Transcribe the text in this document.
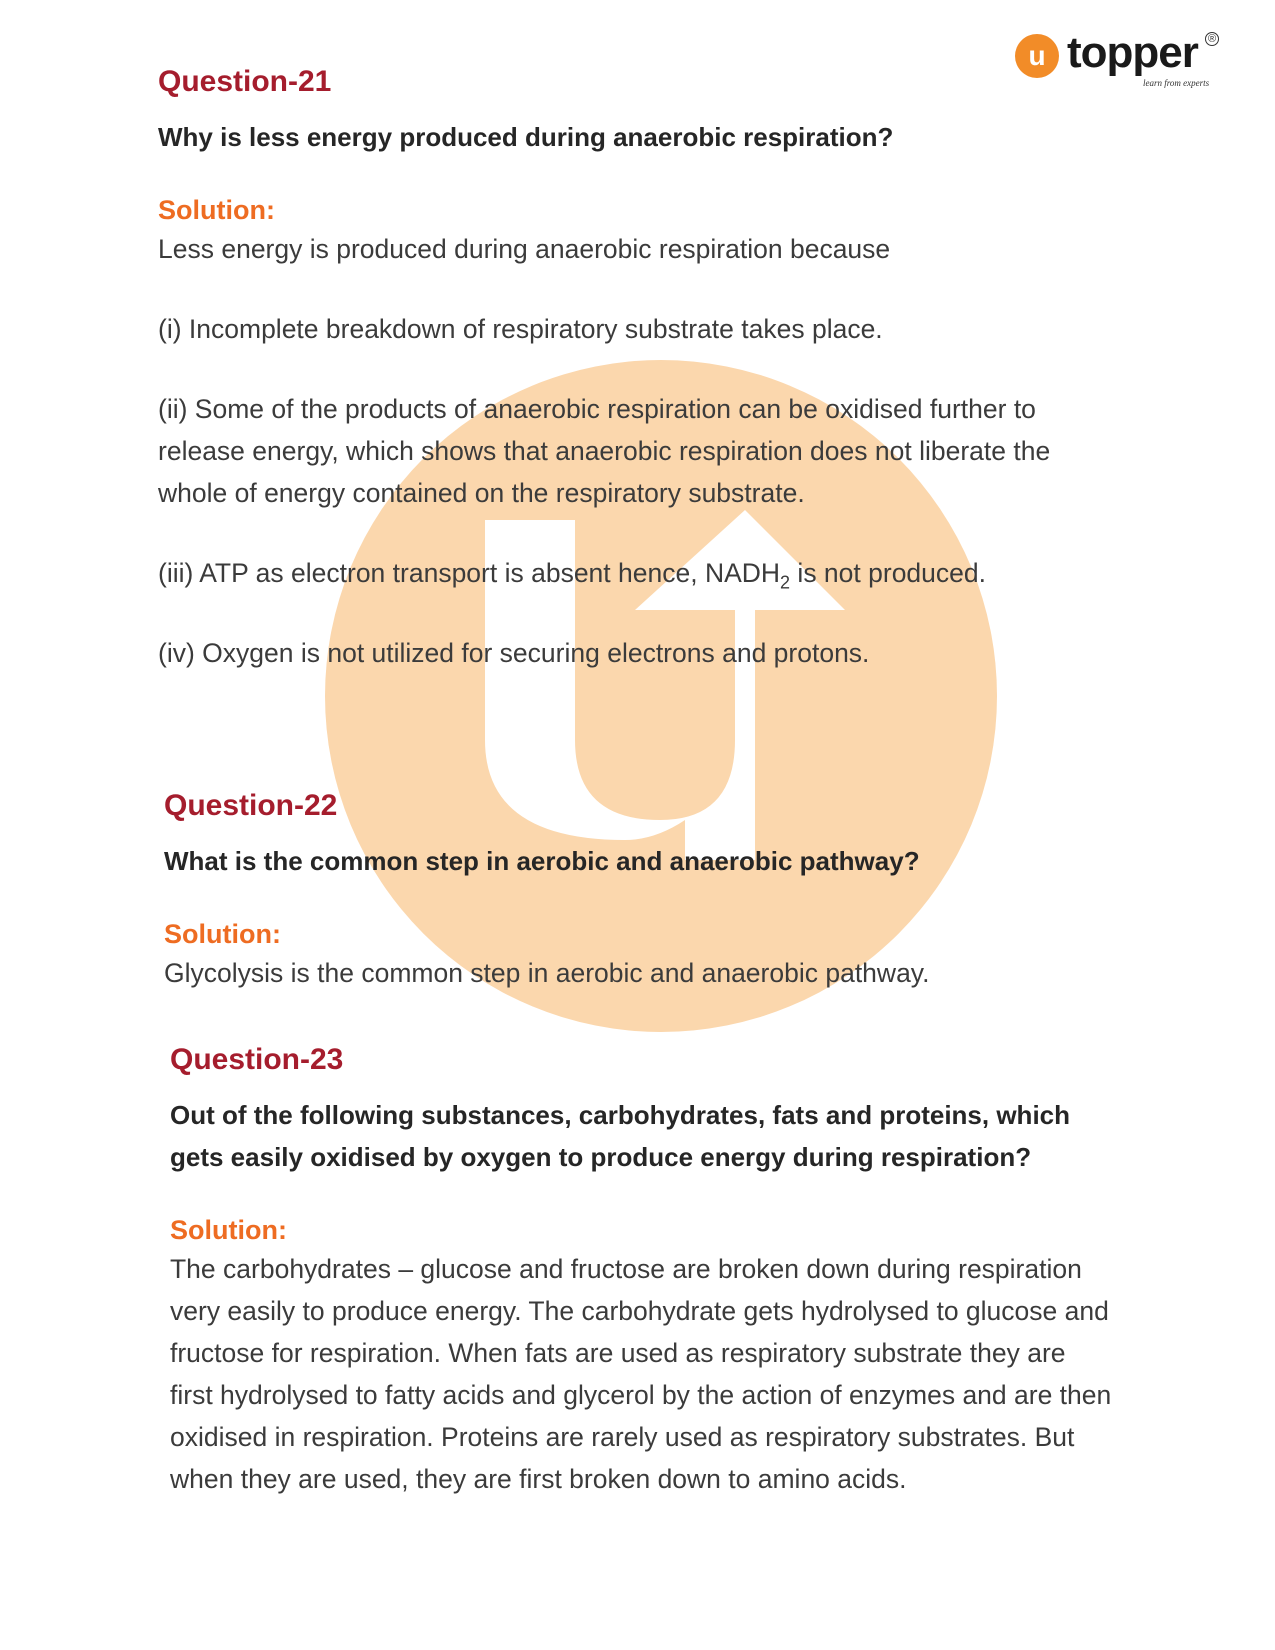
u topper ®
learn from experts
Question-21

Why is less energy produced during anaerobic respiration?

Solution:

Less energy is produced during anaerobic respiration because

(i) Incomplete breakdown of respiratory substrate takes place.

(ii) Some of the products of anaerobic respiration can be oxidised further to release energy, which shows that anaerobic respiration does not liberate the whole of energy contained on the respiratory substrate.

(iii) ATP as electron transport is absent hence, $NADH_2$ is not produced.

(iv) Oxygen is not utilized for securing electrons and protons.

Question-22

What is the common step in aerobic and anaerobic pathway?

Solution:

Glycolysis is the common step in aerobic and anaerobic pathway.

Question-23

Out of the following substances, carbohydrates, fats and proteins, which gets easily oxidised by oxygen to produce energy during respiration?

Solution:

The carbohydrates – glucose and fructose are broken down during respiration very easily to produce energy. The carbohydrate gets hydrolysed to glucose and fructose for respiration. When fats are used as respiratory substrate they are first hydrolysed to fatty acids and glycerol by the action of enzymes and are then oxidised in respiration. Proteins are rarely used as respiratory substrates. But when they are used, they are first broken down to amino acids.
